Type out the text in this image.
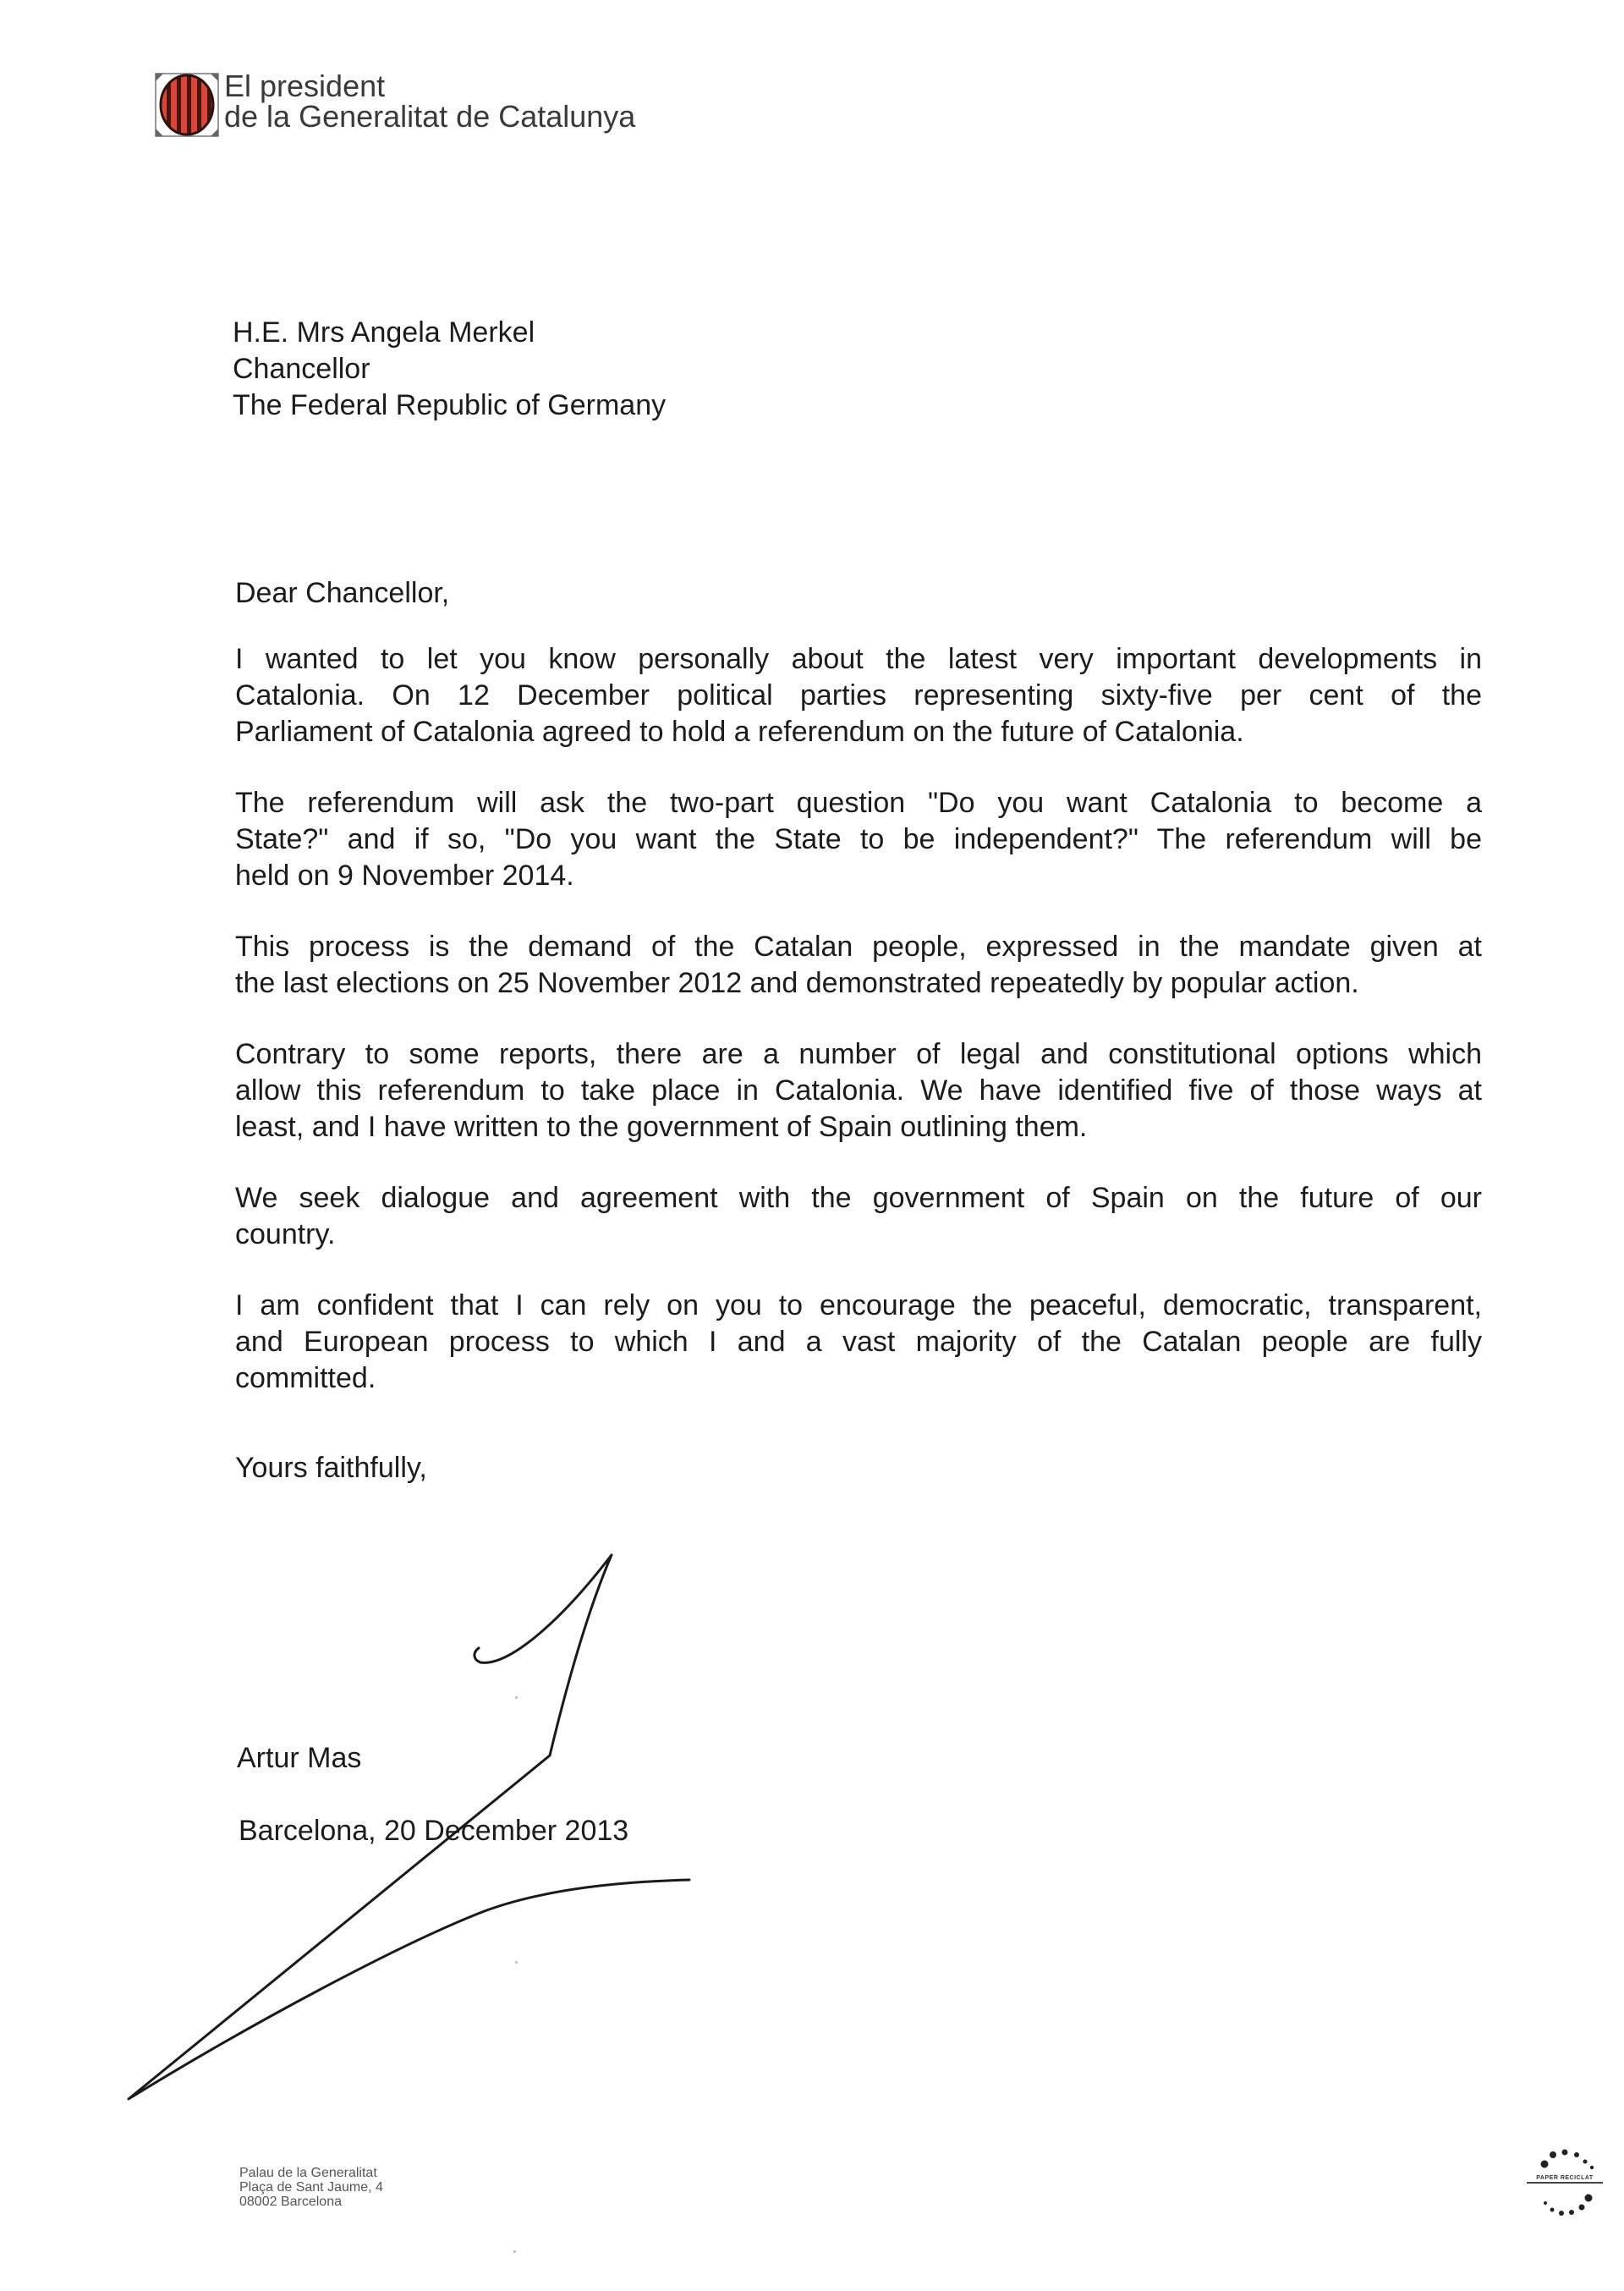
El president
de la Generalitat de Catalunya
H.E. Mrs Angela Merkel
Chancellor
The Federal Republic of Germany
Dear Chancellor,
I wanted to let you know personally about the latest very important developments in
Catalonia. On 12 December political parties representing sixty-five per cent of the
Parliament of Catalonia agreed to hold a referendum on the future of Catalonia.
The referendum will ask the two-part question "Do you want Catalonia to become a
State?" and if so, "Do you want the State to be independent?" The referendum will be
held on 9 November 2014.
This process is the demand of the Catalan people, expressed in the mandate given at
the last elections on 25 November 2012 and demonstrated repeatedly by popular action.
Contrary to some reports, there are a number of legal and constitutional options which
allow this referendum to take place in Catalonia. We have identified five of those ways at
least, and I have written to the government of Spain outlining them.
We seek dialogue and agreement with the government of Spain on the future of our
country.
I am confident that I can rely on you to encourage the peaceful, democratic, transparent,
and European process to which I and a vast majority of the Catalan people are fully
committed.
Yours faithfully,
Artur Mas
Barcelona, 20 December 2013
Palau de la Generalitat
Plaça de Sant Jaume, 4
08002 Barcelona
PAPER RECICLAT
